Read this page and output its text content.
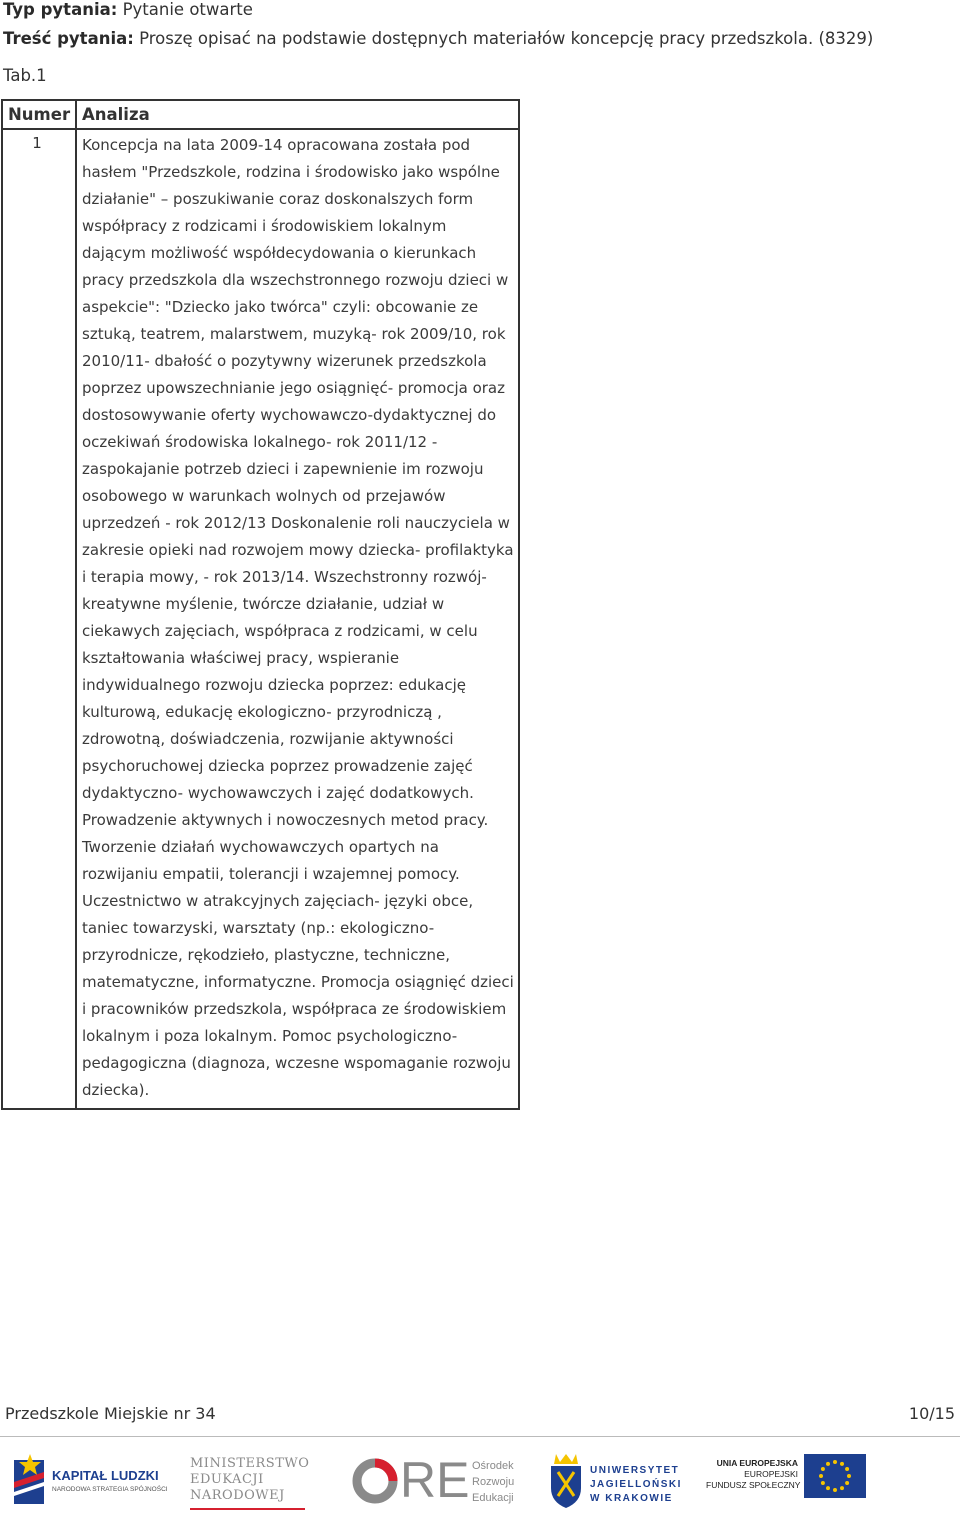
Typ pytania: Pytanie otwarte
Treść pytania: Proszę opisać na podstawie dostępnych materiałów koncepcję pracy przedszkola. (8329)
Tab.1
Numer	Analiza
1	Koncepcja na lata 2009-14 opracowana została pod hasłem "Przedszkole, rodzina i środowisko jako wspólne działanie" – poszukiwanie coraz doskonalszych form współpracy z rodzicami i środowiskiem lokalnym dającym możliwość współdecydowania o kierunkach pracy przedszkola dla wszechstronnego rozwoju dzieci w aspekcie": "Dziecko jako twórca" czyli: obcowanie ze sztuką, teatrem, malarstwem, muzyką- rok 2009/10, rok 2010/11- dbałość o pozytywny wizerunek przedszkola poprzez upowszechnianie jego osiągnięć- promocja oraz dostosowywanie oferty wychowawczo-dydaktycznej do oczekiwań środowiska lokalnego- rok 2011/12 - zaspokajanie potrzeb dzieci i zapewnienie im rozwoju osobowego w warunkach wolnych od przejawów uprzedzeń - rok 2012/13 Doskonalenie roli nauczyciela w zakresie opieki nad rozwojem mowy dziecka- profilaktyka i terapia mowy, - rok 2013/14. Wszechstronny rozwój- kreatywne myślenie, twórcze działanie, udział w ciekawych zajęciach, współpraca z rodzicami, w celu kształtowania właściwej pracy, wspieranie indywidualnego rozwoju dziecka poprzez: edukację kulturową, edukację ekologiczno- przyrodniczą , zdrowotną, doświadczenia, rozwijanie aktywności psychoruchowej dziecka poprzez prowadzenie zajęć dydaktyczno- wychowawczych i zajęć dodatkowych. Prowadzenie aktywnych i nowoczesnych metod pracy. Tworzenie działań wychowawczych opartych na rozwijaniu empatii, tolerancji i wzajemnej pomocy. Uczestnictwo w atrakcyjnych zajęciach- języki obce, taniec towarzyski, warsztaty (np.: ekologiczno- przyrodnicze, rękodzieło, plastyczne, techniczne, matematyczne, informatyczne. Promocja osiągnięć dzieci i pracowników przedszkola, współpraca ze środowiskiem lokalnym i poza lokalnym. Pomoc psychologiczno- pedagogiczna (diagnoza, wczesne wspomaganie rozwoju dziecka).
Przedszkole Miejskie nr 34	10/15
KAPITAŁ LUDZKI
NARODOWA STRATEGIA SPÓJNOŚCI
MINISTERSTWO
EDUKACJI
NARODOWEJ	RE Ośrodek
Rozwoju
Edukacji
UNIWERSYTET
JAGIELLOŃSKI
W KRAKOWIE
UNIA EUROPEJSKA
EUROPEJSKI
FUNDUSZ SPOŁECZNY
